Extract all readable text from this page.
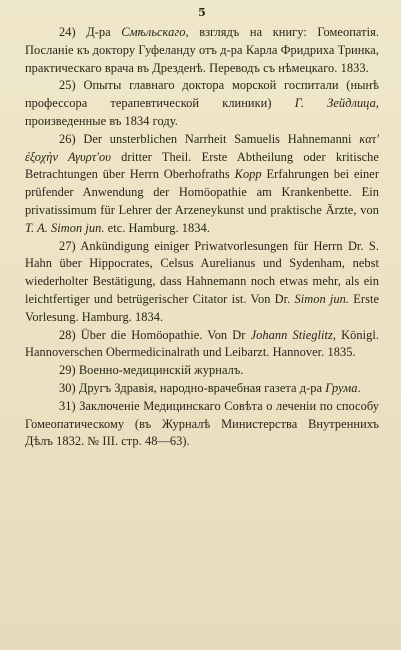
5

24) Д-ра Смѣльскаго, взглядъ на книгу: Гомеопатія. Посланіе къ доктору Гуфеланду отъ д-ра Карла Фридриха Тринка, практическаго врача въ Дрезденѣ. Переводъ съ нѣмецкаго. 1833.

25) Опыты главнаго доктора морской госпитали (нынѣ профессора терапевтической клиники) Г. Зейдлица, произведенные въ 1834 году.

26) Der unsterblichen Narrheit Samuelis Hahnemanni κατ' ἐξοχὴν Αγυρτ'ου dritter Theil. Erste Abtheilung oder kritische Betrachtungen über Herrn Oberhofraths Kopp Erfahrungen bei einer prüfender Anwendung der Homöopathie am Krankenbette. Ein privatissimum für Lehrer der Arzeneykunst und praktische Ärzte, von T. A. Simon jun. etc. Hamburg. 1834.

27) Ankündigung einiger Priwatvorlesungen für Herrn Dr. S. Hahn über Hippocrates, Celsus Aurelianus und Sydenham, nebst wiederholter Bestätigung, dass Hahnemann noch etwas mehr, als ein leichtfertiger und betrügerischer Citator ist. Von Dr. Simon jun. Erste Vorlesung. Hamburg. 1834.

28) Über die Homöopathie. Von Dr Johann Stieglitz, Königl. Hannoverschen Obermedicinalrath und Leibarzt. Hannover. 1835.

29) Военно-медицинскій журналъ.

30) Другъ Здравія, народно-врачебная газета д-ра Грума.

31) Заключеніе Медицинскаго Совѣта о леченіи по способу Гомеопатическому (въ Журналѣ Министерства Внутреннихъ Дѣлъ 1832. № III. стр. 48—63).
